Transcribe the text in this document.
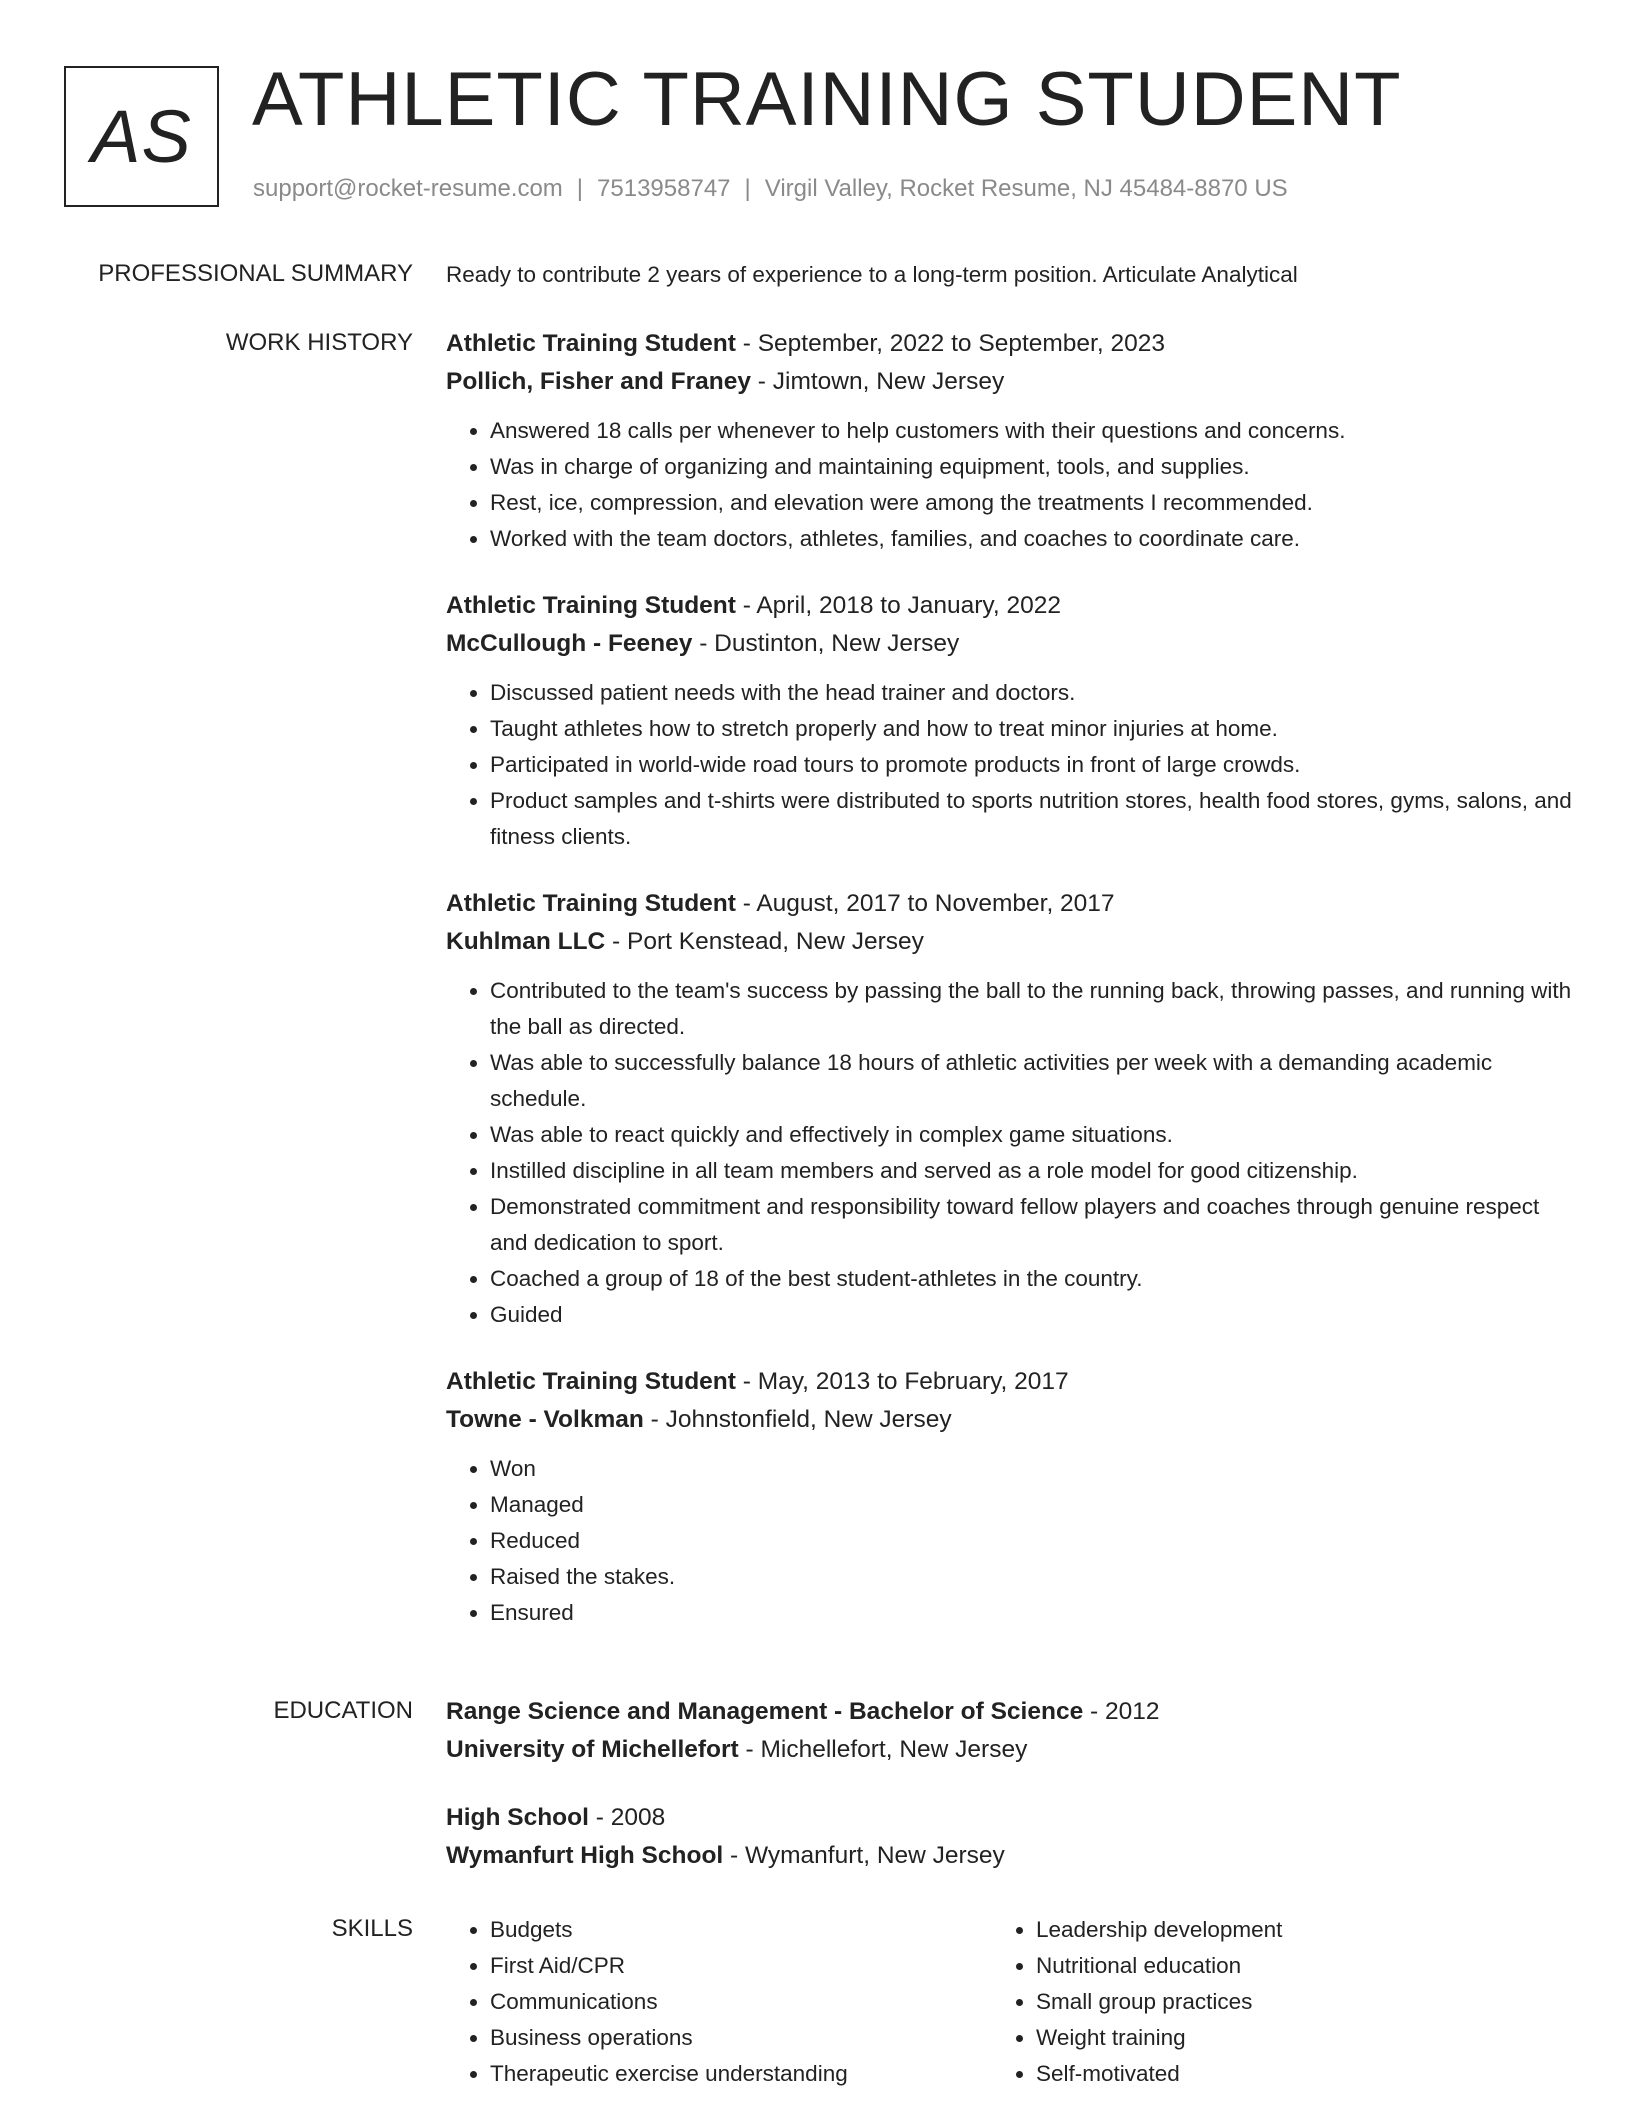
AS ATHLETIC TRAINING STUDENT
support@rocket-resume.com | 7513958747 | Virgil Valley, Rocket Resume, NJ 45484-8870 US
PROFESSIONAL SUMMARY Ready to contribute 2 years of experience to a long-term position. Articulate Analytical
WORK HISTORY Athletic Training Student - September, 2022 to September, 2023
Pollich, Fisher and Franey - Jimtown, New Jersey
• Answered 18 calls per whenever to help customers with their questions and concerns.
• Was in charge of organizing and maintaining equipment, tools, and supplies.
• Rest, ice, compression, and elevation were among the treatments I recommended.
• Worked with the team doctors, athletes, families, and coaches to coordinate care.
Athletic Training Student - April, 2018 to January, 2022
McCullough - Feeney - Dustinton, New Jersey
• Discussed patient needs with the head trainer and doctors.
• Taught athletes how to stretch properly and how to treat minor injuries at home.
• Participated in world-wide road tours to promote products in front of large crowds.
• Product samples and t-shirts were distributed to sports nutrition stores, health food stores, gyms, salons, and fitness clients.
Athletic Training Student - August, 2017 to November, 2017
Kuhlman LLC - Port Kenstead, New Jersey
• Contributed to the team's success by passing the ball to the running back, throwing passes, and running with the ball as directed.
• Was able to successfully balance 18 hours of athletic activities per week with a demanding academic schedule.
• Was able to react quickly and effectively in complex game situations.
• Instilled discipline in all team members and served as a role model for good citizenship.
• Demonstrated commitment and responsibility toward fellow players and coaches through genuine respect and dedication to sport.
• Coached a group of 18 of the best student-athletes in the country.
• Guided
Athletic Training Student - May, 2013 to February, 2017
Towne - Volkman - Johnstonfield, New Jersey
• Won
• Managed
• Reduced
• Raised the stakes.
• Ensured
EDUCATION Range Science and Management - Bachelor of Science - 2012
University of Michellefort - Michellefort, New Jersey
High School - 2008
Wymanfurt High School - Wymanfurt, New Jersey
SKILLS
•	Budgets
• First Aid/CPR
• Communications
• Business operations
• Therapeutic exercise understanding
• Leadership development
• Nutritional education
• Small group practices
• Weight training
• Self-motivated
